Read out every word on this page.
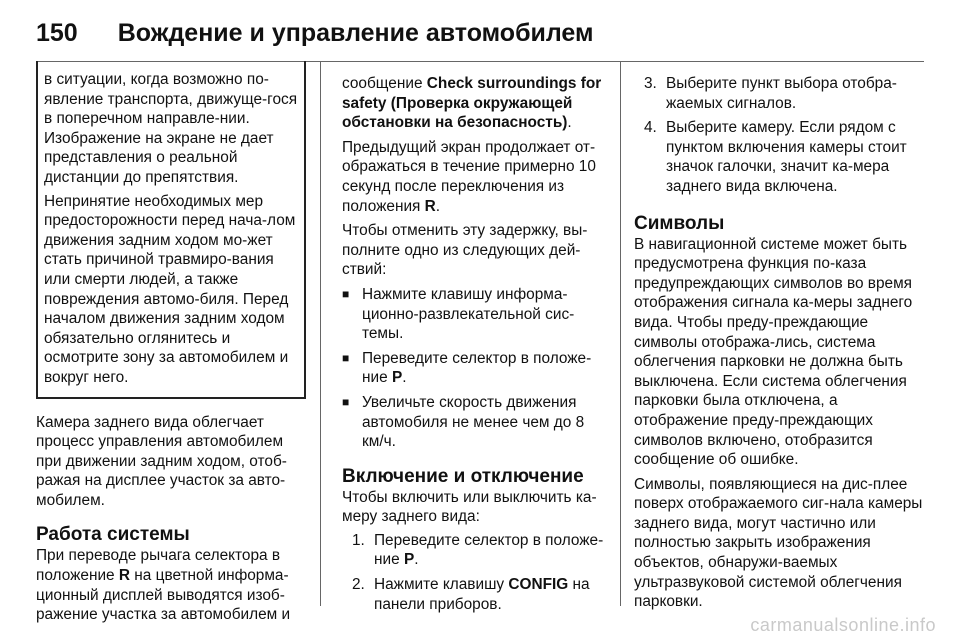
150 Вождение и управление автомобилем

в ситуации, когда возможно по-явление транспорта, движуще-гося в поперечном направле-нии. Изображение на экране не дает представления о реальной дистанции до препятствия.

Непринятие необходимых мер предосторожности перед нача-лом движения задним ходом мо-жет стать причиной травмиро-вания или смерти людей, а также повреждения автомо-биля. Перед началом движения задним ходом обязательно оглянитесь и осмотрите зону за автомобилем и вокруг него.

Камера заднего вида облегчает процесс управления автомобилем при движении задним ходом, отоб-ражая на дисплее участок за авто-мобилем.

Работа системы

При переводе рычага селектора в положение R на цветной информа-ционный дисплей выводятся изоб-ражение участка за автомобилем и

сообщение Check surroundings for safety (Проверка окружающей обстановки на безопасность).

Предыдущий экран продолжает от-ображаться в течение примерно 10 секунд после переключения из положения R.

Чтобы отменить эту задержку, вы-полните одно из следующих дей-ствий:

■ Нажмите клавишу информа-ционно-развлекательной сис-темы.
■ Переведите селектор в положе-ние P.
■ Увеличьте скорость движения автомобиля не менее чем до 8 км/ч.
Включение и отключение

Чтобы включить или выключить ка-меру заднего вида:

1. Переведите селектор в положе-ние P.
2. Нажмите клавишу CONFIG на панели приборов.
3. Выберите пункт выбора отобра-жаемых сигналов.
4. Выберите камеру. Если рядом с пунктом включения камеры стоит значок галочки, значит ка-мера заднего вида включена.
Символы

В навигационной системе может быть предусмотрена функция по-каза предупреждающих символов во время отображения сигнала ка-меры заднего вида. Чтобы преду-преждающие символы отобража-лись, система облегчения парковки не должна быть выключена. Если система облегчения парковки была отключена, а отображение преду-преждающих символов включено, отобразится сообщение об ошибке.

Символы, появляющиеся на дис-плее поверх отображаемого сиг-нала камеры заднего вида, могут частично или полностью закрыть изображения объектов, обнаружи-ваемых ультразвуковой системой облегчения парковки.

carmanualsonline.info
